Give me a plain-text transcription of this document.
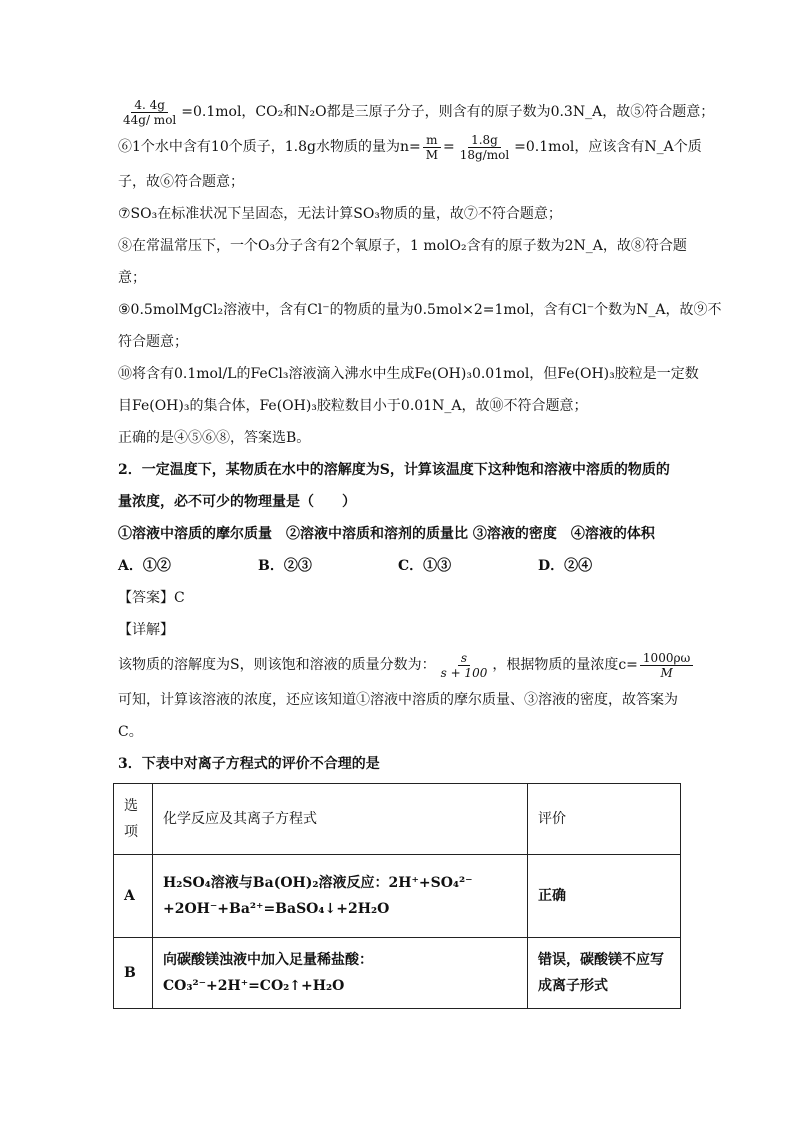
$\frac{4. 4g}{\text{44g/ mol}} =0.1mol$，CO₂和N₂O都是三原子分子，则含有的原子数为0.3N_A，故⑤符合题意；
⑥1个水中含有10个质子，1.8g水物质的量为$n= \frac{m}{M} = \frac{1.8g}{\text{18g/mol}} =0.1mol$，应该含有N_A个质
子，故⑥符合题意；
⑦SO₃在标准状况下呈固态，无法计算SO₃物质的量，故⑦不符合题意；
⑧在常温常压下，一个O₃分子含有2个氧原子，1 molO₂含有的原子数为2N_A，故⑧符合题
意；
⑨0.5molMgCl₂溶液中，含有Cl⁻的物质的量为0.5mol×2=1mol，含有Cl⁻个数为N_A，故⑨不
符合题意；
⑩将含有0.1mol/L的FeCl₃溶液滴入沸水中生成Fe(OH)₃0.01mol，但Fe(OH)₃胶粒是一定数
目Fe(OH)₃的集合体，Fe(OH)₃胶粒数目小于0.01N_A，故⑩不符合题意；
正确的是④⑤⑥⑧，答案选B。
2．一定温度下，某物质在水中的溶解度为S，计算该温度下这种饱和溶液中溶质的物质的
量浓度，必不可少的物理量是（　　）
①溶液中溶质的摩尔质量　②溶液中溶质和溶剂的质量比 ③溶液的密度　④溶液的体积
A．①②	B．②③	C．①③	D．②④
【答案】C
【详解】
该物质的溶解度为S，则该饱和溶液的质量分数为： $\frac{s}{s + 100}$ ，根据物质的量浓度$c= \frac{1000\rho\omega}{M}$
可知，计算该溶液的浓度，还应该知道①溶液中溶质的摩尔质量、③溶液的密度，故答案为
C。
3．下表中对离子方程式的评价不合理的是
选项	化学反应及其离子方程式	评价
A	H₂SO₄溶液与Ba(OH)₂溶液反应：2H⁺+SO₄²⁻
+2OH⁻+Ba²⁺=BaSO₄↓+2H₂O	正确
B	向碳酸镁浊液中加入足量稀盐酸：CO₃²⁻+2H⁺=CO₂↑+H₂O	错误，碳酸镁不应写成离子形式
